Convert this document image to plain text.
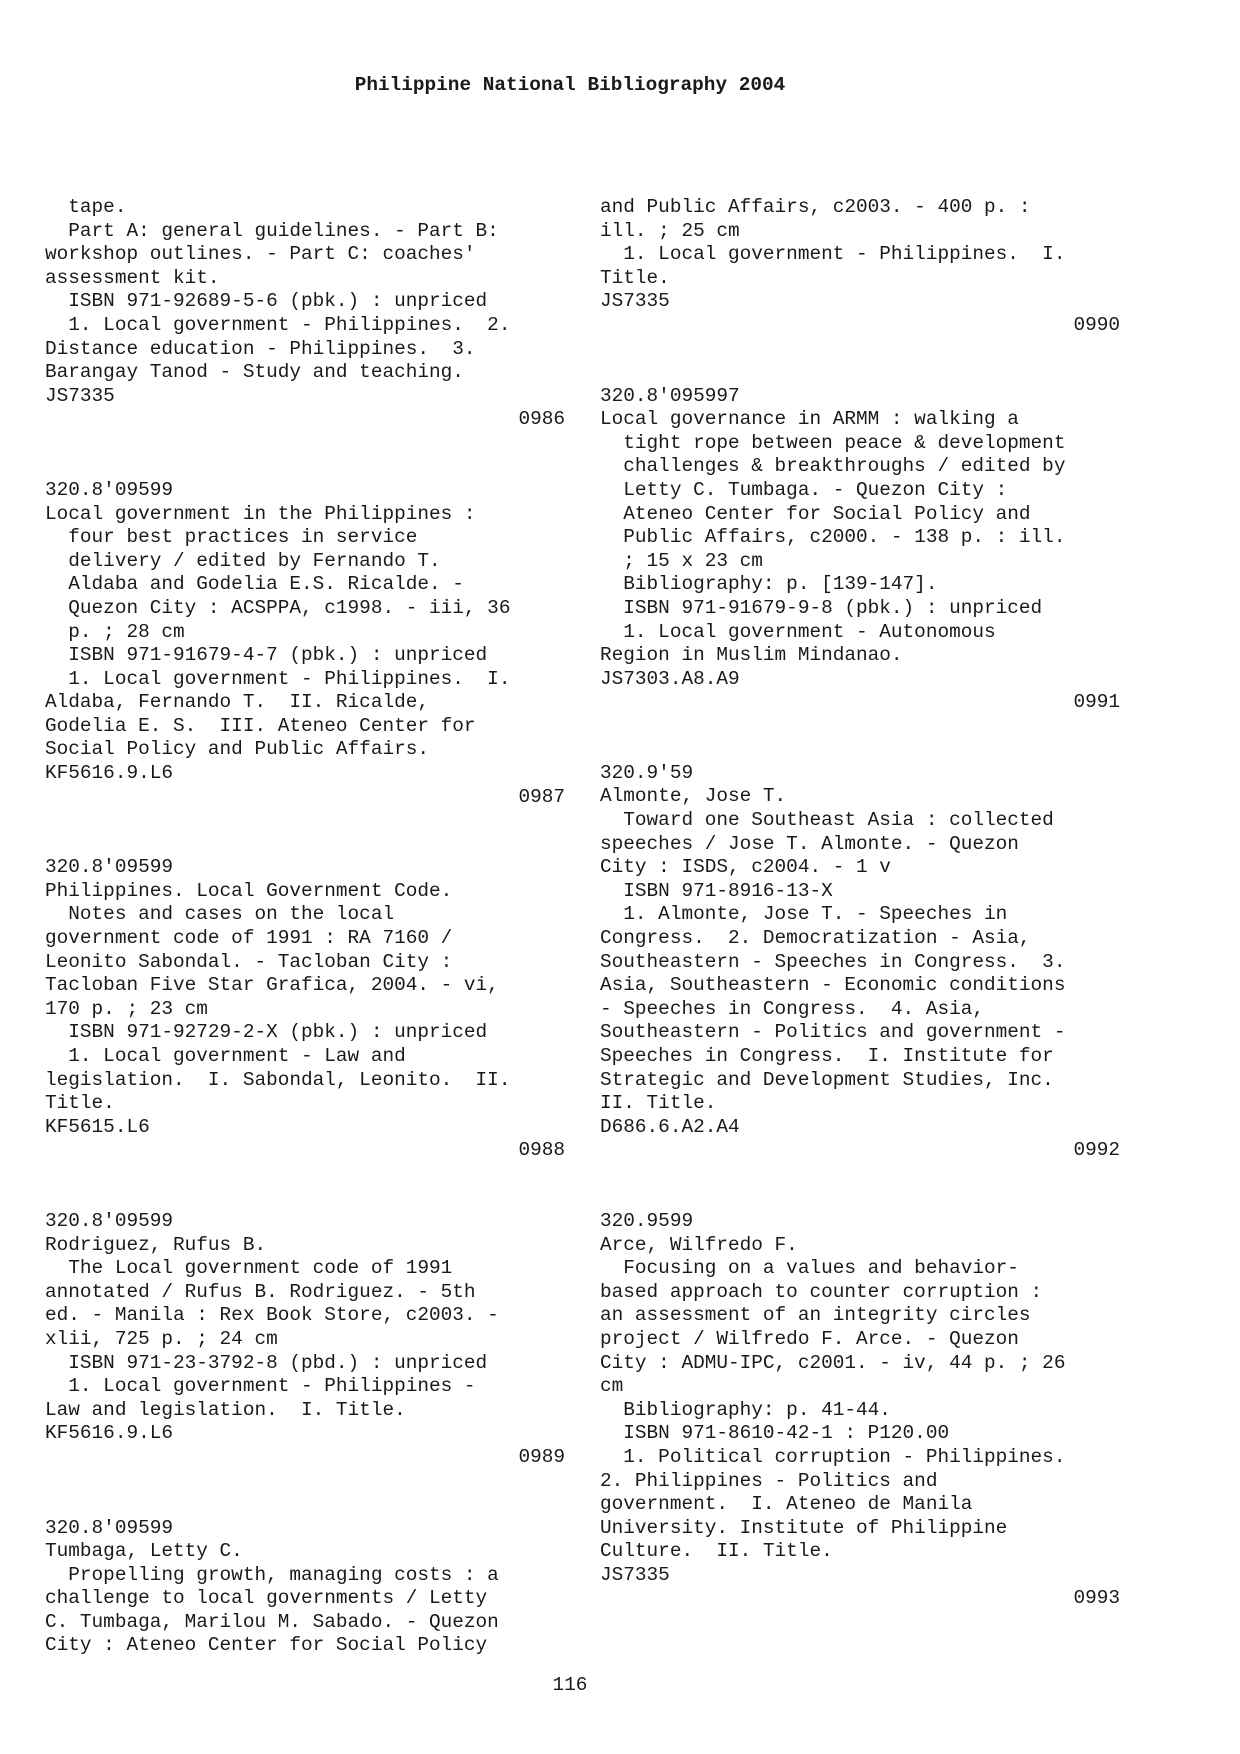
Philippine National Bibliography 2004
tape.
Part A: general guidelines. - Part B:
workshop outlines. - Part C: coaches'
assessment kit.
ISBN 971-92689-5-6 (pbk.) : unpriced
1. Local government - Philippines.  2.
Distance education - Philippines.  3.
Barangay Tanod - Study and teaching.
JS7335
0986
320.8'09599
Local government in the Philippines :
four best practices in service
delivery / edited by Fernando T.
Aldaba and Godelia E.S. Ricalde. -
Quezon City : ACSPPA, c1998. - iii, 36
p. ; 28 cm
ISBN 971-91679-4-7 (pbk.) : unpriced
1. Local government - Philippines.  I.
Aldaba, Fernando T.  II. Ricalde,
Godelia E. S.  III. Ateneo Center for
Social Policy and Public Affairs.
KF5616.9.L6
0987
320.8'09599
Philippines. Local Government Code.
Notes and cases on the local
government code of 1991 : RA 7160 /
Leonito Sabondal. - Tacloban City :
Tacloban Five Star Grafica, 2004. - vi,
170 p. ; 23 cm
ISBN 971-92729-2-X (pbk.) : unpriced
1. Local government - Law and
legislation.  I. Sabondal, Leonito.  II.
Title.
KF5615.L6
0988
320.8'09599
Rodriguez, Rufus B.
The Local government code of 1991
annotated / Rufus B. Rodriguez. - 5th
ed. - Manila : Rex Book Store, c2003. -
xlii, 725 p. ; 24 cm
ISBN 971-23-3792-8 (pbd.) : unpriced
1. Local government - Philippines -
Law and legislation.  I. Title.
KF5616.9.L6
0989
320.8'09599
Tumbaga, Letty C.
Propelling growth, managing costs : a
challenge to local governments / Letty
C. Tumbaga, Marilou M. Sabado. - Quezon
City : Ateneo Center for Social Policy
and Public Affairs, c2003. - 400 p. :
ill. ; 25 cm
1. Local government - Philippines.  I.
Title.
JS7335
0990
320.8'095997
Local governance in ARMM : walking a
tight rope between peace & development
challenges & breakthroughs / edited by
Letty C. Tumbaga. - Quezon City :
Ateneo Center for Social Policy and
Public Affairs, c2000. - 138 p. : ill.
; 15 x 23 cm
Bibliography: p. [139-147].
ISBN 971-91679-9-8 (pbk.) : unpriced
1. Local government - Autonomous
Region in Muslim Mindanao.
JS7303.A8.A9
0991
320.9'59
Almonte, Jose T.
Toward one Southeast Asia : collected
speeches / Jose T. Almonte. - Quezon
City : ISDS, c2004. - 1 v
ISBN 971-8916-13-X
1. Almonte, Jose T. - Speeches in
Congress.  2. Democratization - Asia,
Southeastern - Speeches in Congress.  3.
Asia, Southeastern - Economic conditions
- Speeches in Congress.  4. Asia,
Southeastern - Politics and government -
Speeches in Congress.  I. Institute for
Strategic and Development Studies, Inc.
II. Title.
D686.6.A2.A4
0992
320.9599
Arce, Wilfredo F.
Focusing on a values and behavior-
based approach to counter corruption :
an assessment of an integrity circles
project / Wilfredo F. Arce. - Quezon
City : ADMU-IPC, c2001. - iv, 44 p. ; 26
cm
Bibliography: p. 41-44.
ISBN 971-8610-42-1 : P120.00
1. Political corruption - Philippines.
2. Philippines - Politics and
government.  I. Ateneo de Manila
University. Institute of Philippine
Culture.  II. Title.
JS7335
0993
116
